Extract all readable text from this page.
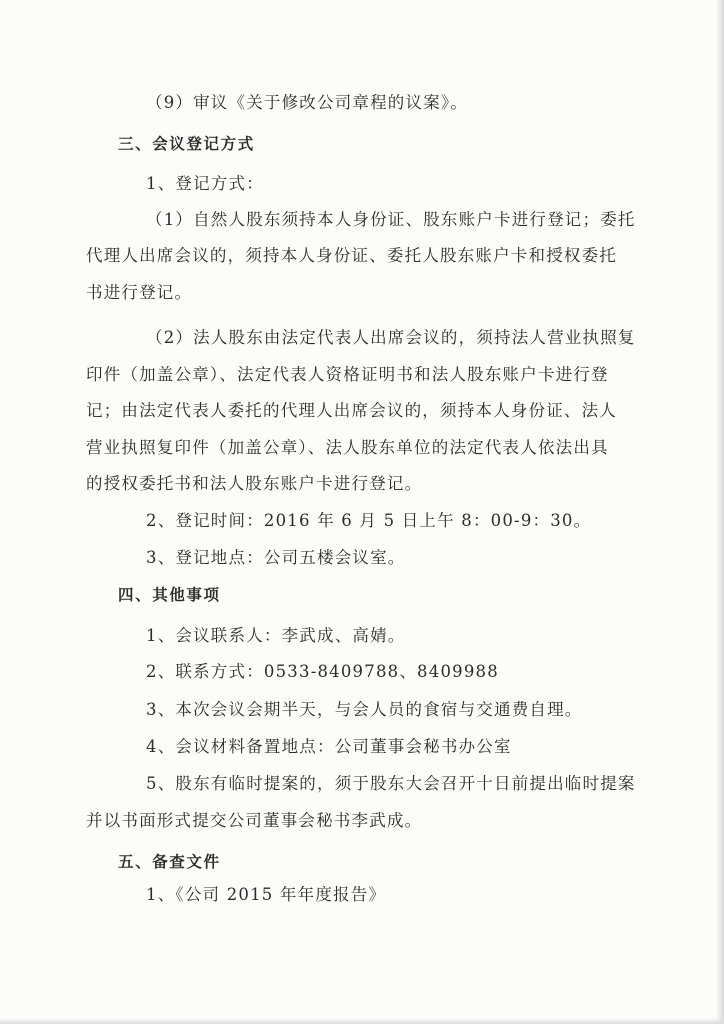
（9）审议《关于修改公司章程的议案》。
三、会议登记方式
1、登记方式：
（1）自然人股东须持本人身份证、股东账户卡进行登记；委托
代理人出席会议的，须持本人身份证、委托人股东账户卡和授权委托
书进行登记。
（2）法人股东由法定代表人出席会议的，须持法人营业执照复
印件（加盖公章）、法定代表人资格证明书和法人股东账户卡进行登
记；由法定代表人委托的代理人出席会议的，须持本人身份证、法人
营业执照复印件（加盖公章）、法人股东单位的法定代表人依法出具
的授权委托书和法人股东账户卡进行登记。
2、登记时间：2016 年 6 月 5 日上午 8：00-9：30。
3、登记地点：公司五楼会议室。
四、其他事项
1、会议联系人：李武成、高婧。
2、联系方式：0533-8409788、8409988
3、本次会议会期半天，与会人员的食宿与交通费自理。
4、会议材料备置地点：公司董事会秘书办公室
5、股东有临时提案的，须于股东大会召开十日前提出临时提案
并以书面形式提交公司董事会秘书李武成。
五、备查文件
1、《公司 2015 年年度报告》
